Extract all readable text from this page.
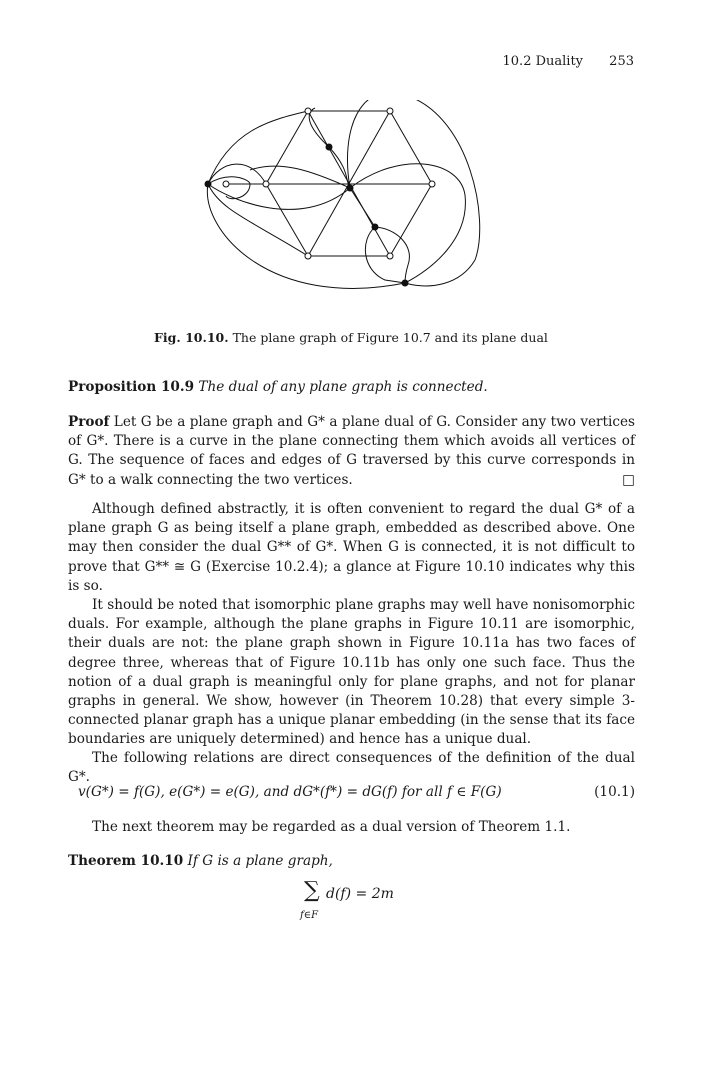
10.2 Duality 253
Fig. 10.10. The plane graph of Figure 10.7 and its plane dual
Proposition 10.9 The dual of any plane graph is connected.
Proof Let G be a plane graph and G* a plane dual of G. Consider any two vertices of G*. There is a curve in the plane connecting them which avoids all vertices of G. The sequence of faces and edges of G traversed by this curve corresponds in G* to a walk connecting the two vertices.	□
Although defined abstractly, it is often convenient to regard the dual G* of a plane graph G as being itself a plane graph, embedded as described above. One may then consider the dual G** of G*. When G is connected, it is not difficult to prove that G** ≅ G (Exercise 10.2.4); a glance at Figure 10.10 indicates why this is so.
It should be noted that isomorphic plane graphs may well have nonisomorphic duals. For example, although the plane graphs in Figure 10.11 are isomorphic, their duals are not: the plane graph shown in Figure 10.11a has two faces of degree three, whereas that of Figure 10.11b has only one such face. Thus the notion of a dual graph is meaningful only for plane graphs, and not for planar graphs in general. We show, however (in Theorem 10.28) that every simple 3-connected planar graph has a unique planar embedding (in the sense that its face boundaries are uniquely determined) and hence has a unique dual.
The following relations are direct consequences of the definition of the dual G*.
v(G*) = f(G), e(G*) = e(G), and dG*(f*) = dG(f) for all f ∈ F(G)	(10.1)
The next theorem may be regarded as a dual version of Theorem 1.1.
Theorem 10.10 If G is a plane graph,
∑
f∈F
d(f) = 2m
